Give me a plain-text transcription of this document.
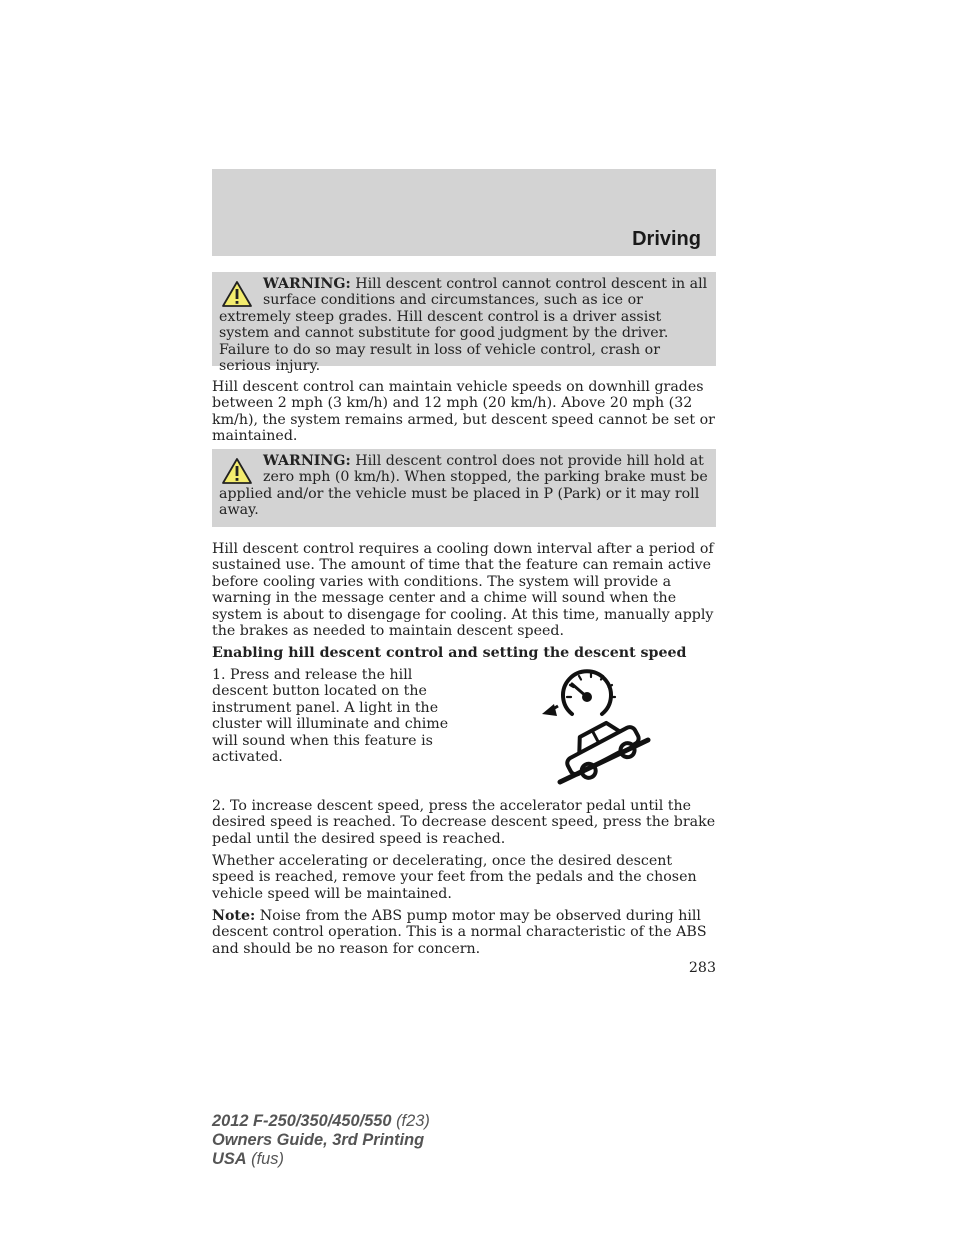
Driving
WARNING: Hill descent control cannot control descent in all surface conditions and circumstances, such as ice or extremely steep grades. Hill descent control is a driver assist system and cannot substitute for good judgment by the driver. Failure to do so may result in loss of vehicle control, crash or serious injury.

Hill descent control can maintain vehicle speeds on downhill grades between 2 mph (3 km/h) and 12 mph (20 km/h). Above 20 mph (32 km/h), the system remains armed, but descent speed cannot be set or maintained.

WARNING: Hill descent control does not provide hill hold at zero mph (0 km/h). When stopped, the parking brake must be applied and/or the vehicle must be placed in P (Park) or it may roll away.

Hill descent control requires a cooling down interval after a period of sustained use. The amount of time that the feature can remain active before cooling varies with conditions. The system will provide a warning in the message center and a chime will sound when the system is about to disengage for cooling. At this time, manually apply the brakes as needed to maintain descent speed.

Enabling hill descent control and setting the descent speed

1. Press and release the hill descent button located on the instrument panel. A light in the cluster will illuminate and chime will sound when this feature is activated.

2. To increase descent speed, press the accelerator pedal until the desired speed is reached. To decrease descent speed, press the brake pedal until the desired speed is reached.

Whether accelerating or decelerating, once the desired descent speed is reached, remove your feet from the pedals and the chosen vehicle speed will be maintained.

Note: Noise from the ABS pump motor may be observed during hill descent control operation. This is a normal characteristic of the ABS and should be no reason for concern.

283
2012 F-250/350/450/550 (f23)
Owners Guide, 3rd Printing
USA (fus)
